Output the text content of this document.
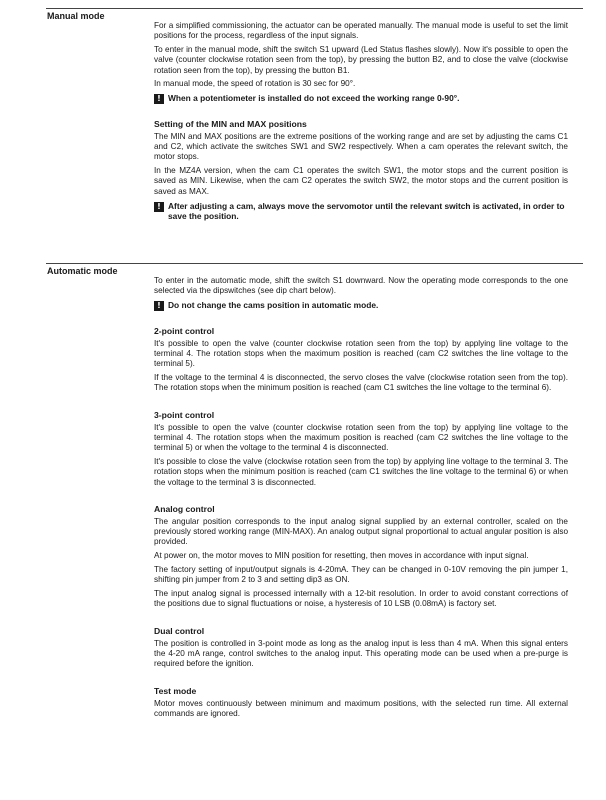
Manual mode

For a simplified commissioning, the actuator can be operated manually. The manual mode is useful to set the limit positions for the process, regardless of the input signals.

To enter in the manual mode, shift the switch S1 upward (Led Status flashes slowly). Now it's possible to open the valve (counter clockwise rotation seen from the top), by pressing the button B2, and to close the valve (clockwise rotation seen from the top), by pressing the button B1.

In manual mode, the speed of rotation is 30 sec for 90°.

! When a potentiometer is installed do not exceed the working range 0-90°.
Setting of the MIN and MAX positions

The MIN and MAX positions are the extreme positions of the working range and are set by adjusting the cams C1 and C2, which activate the switches SW1 and SW2 respectively. When a cam operates the relevant switch, the motor stops.

In the MZ4A version, when the cam C1 operates the switch SW1, the motor stops and the current position is saved as MIN. Likewise, when the cam C2 operates the switch SW2, the motor stops and the current position is saved as MAX.

! After adjusting a cam, always move the servomotor until the relevant switch is activated, in order to save the position.
Automatic mode

To enter in the automatic mode, shift the switch S1 downward. Now the operating mode corresponds to the one selected via the dipswitches (see dip chart below).

! Do not change the cams position in automatic mode.
2-point control

It's possible to open the valve (counter clockwise rotation seen from the top) by applying line voltage to the terminal 4. The rotation stops when the maximum position is reached (cam C2 switches the line voltage to the terminal 5).

If the voltage to the terminal 4 is disconnected, the servo closes the valve (clockwise rotation seen from the top). The rotation stops when the minimum position is reached (cam C1 switches the line voltage to the terminal 6).

3-point control

It's possible to open the valve (counter clockwise rotation seen from the top) by applying line voltage to the terminal 4. The rotation stops when the maximum position is reached (cam C2 switches the line voltage to the terminal 5) or when the voltage to the terminal 4 is disconnected.

It's possible to close the valve (clockwise rotation seen from the top) by applying line voltage to the terminal 3. The rotation stops when the minimum position is reached (cam C1 switches the line voltage to the terminal 6) or when the voltage to the terminal 3 is disconnected.

Analog control

The angular position corresponds to the input analog signal supplied by an external controller, scaled on the previously stored working range (MIN-MAX). An analog output signal proportional to actual angular position is also provided.

At power on, the motor moves to MIN position for resetting, then moves in accordance with input signal.

The factory setting of input/output signals is 4-20mA. They can be changed in 0-10V removing the pin jumper 1, shifting pin jumper from 2 to 3 and setting dip3 as ON.

The input analog signal is processed internally with a 12-bit resolution. In order to avoid constant corrections of the positions due to signal fluctuations or noise, a hysteresis of 10 LSB (0.08mA) is factory set.

Dual control

The position is controlled in 3-point mode as long as the analog input is less than 4 mA. When this signal enters the 4-20 mA range, control switches to the analog input. This operating mode can be used when a pre-purge is required before the ignition.

Test mode

Motor moves continuously between minimum and maximum positions, with the selected run time. All external commands are ignored.
